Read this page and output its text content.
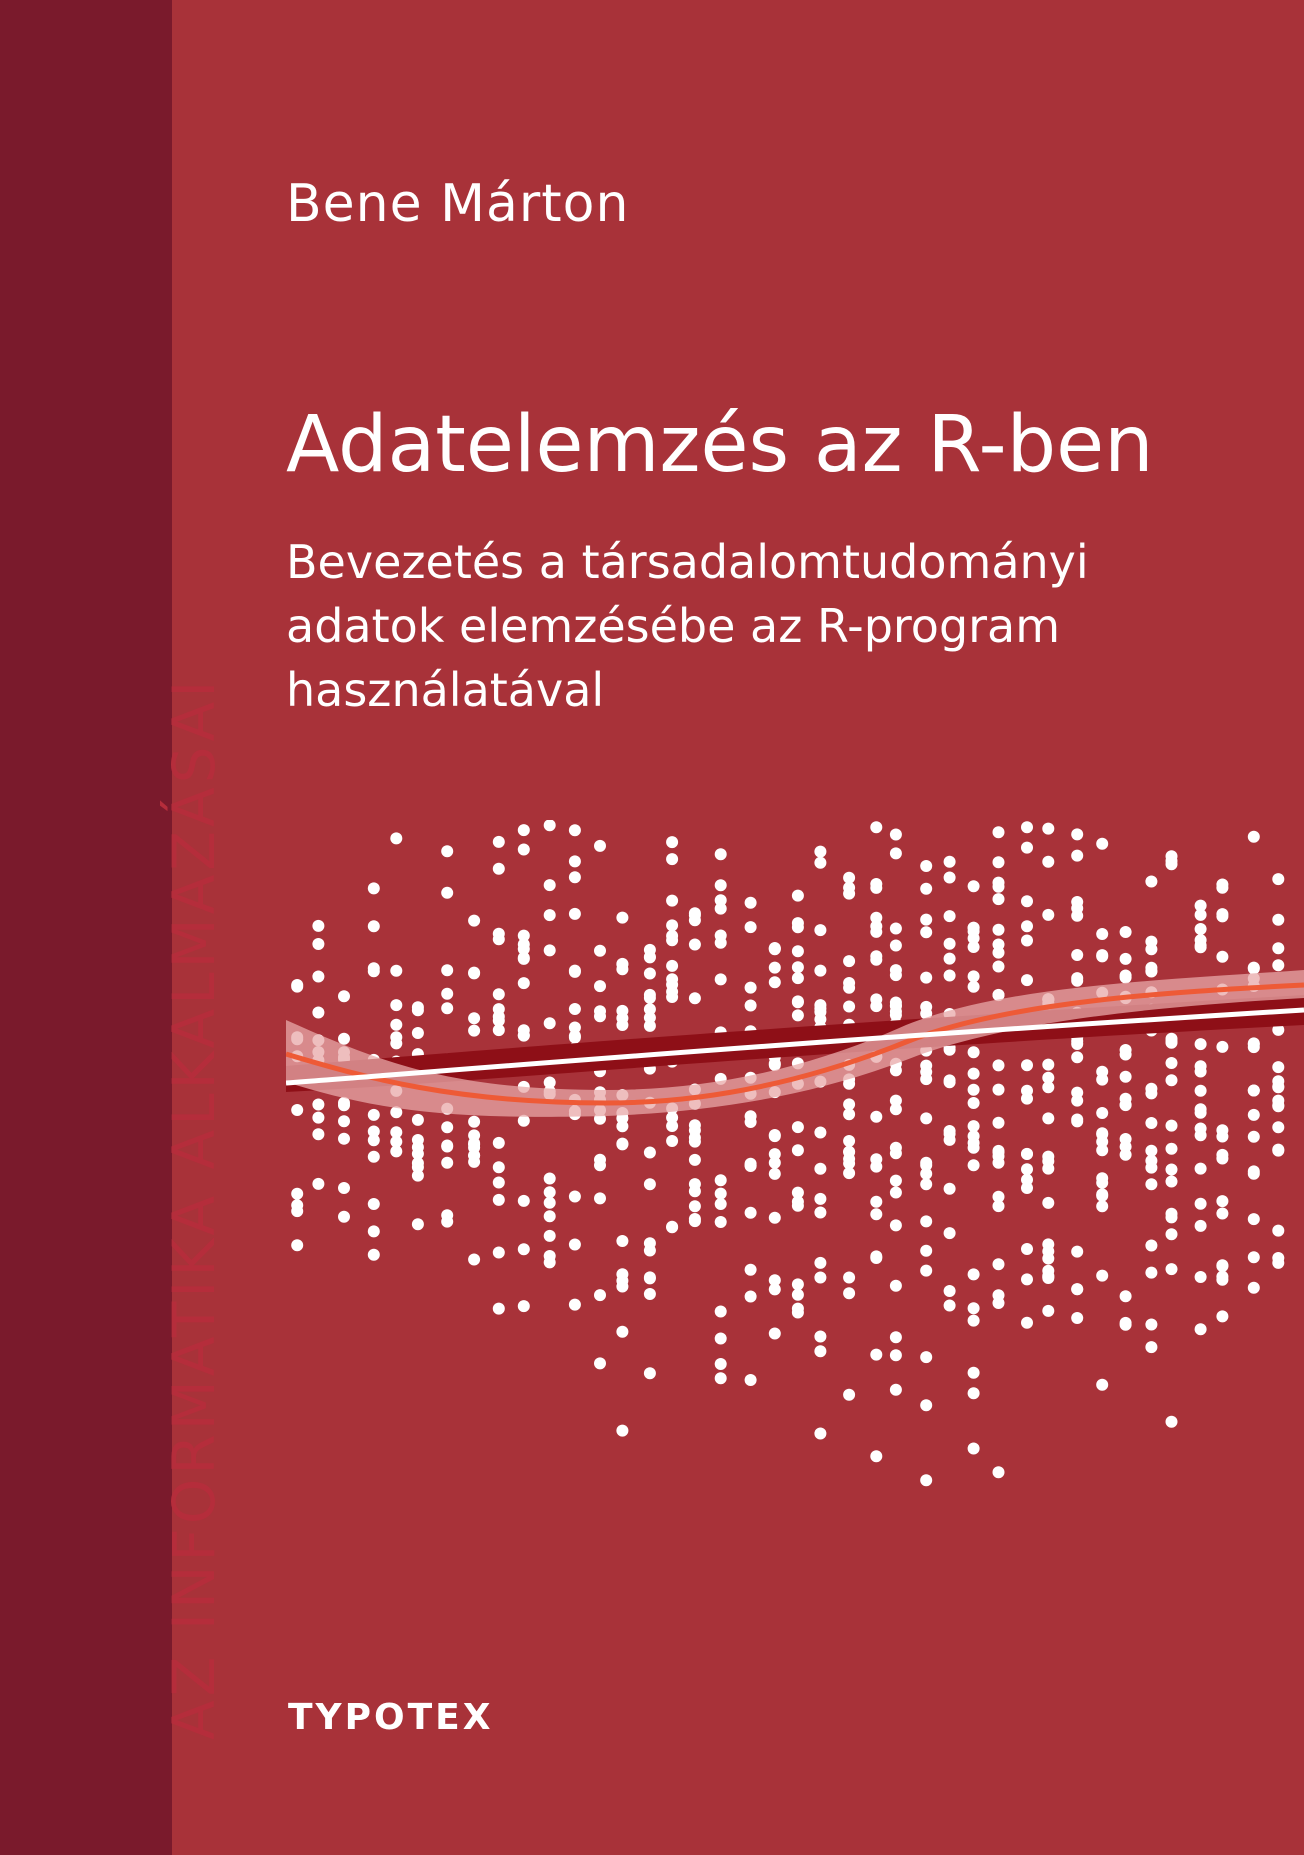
AZ INFORMATIKA ALKALMAZÁSAI
Bene Márton
Adatelemzés az R-ben
Bevezetés a társadalomtudományi
adatok elemzésébe az R-program
használatával
TYPOTEX
